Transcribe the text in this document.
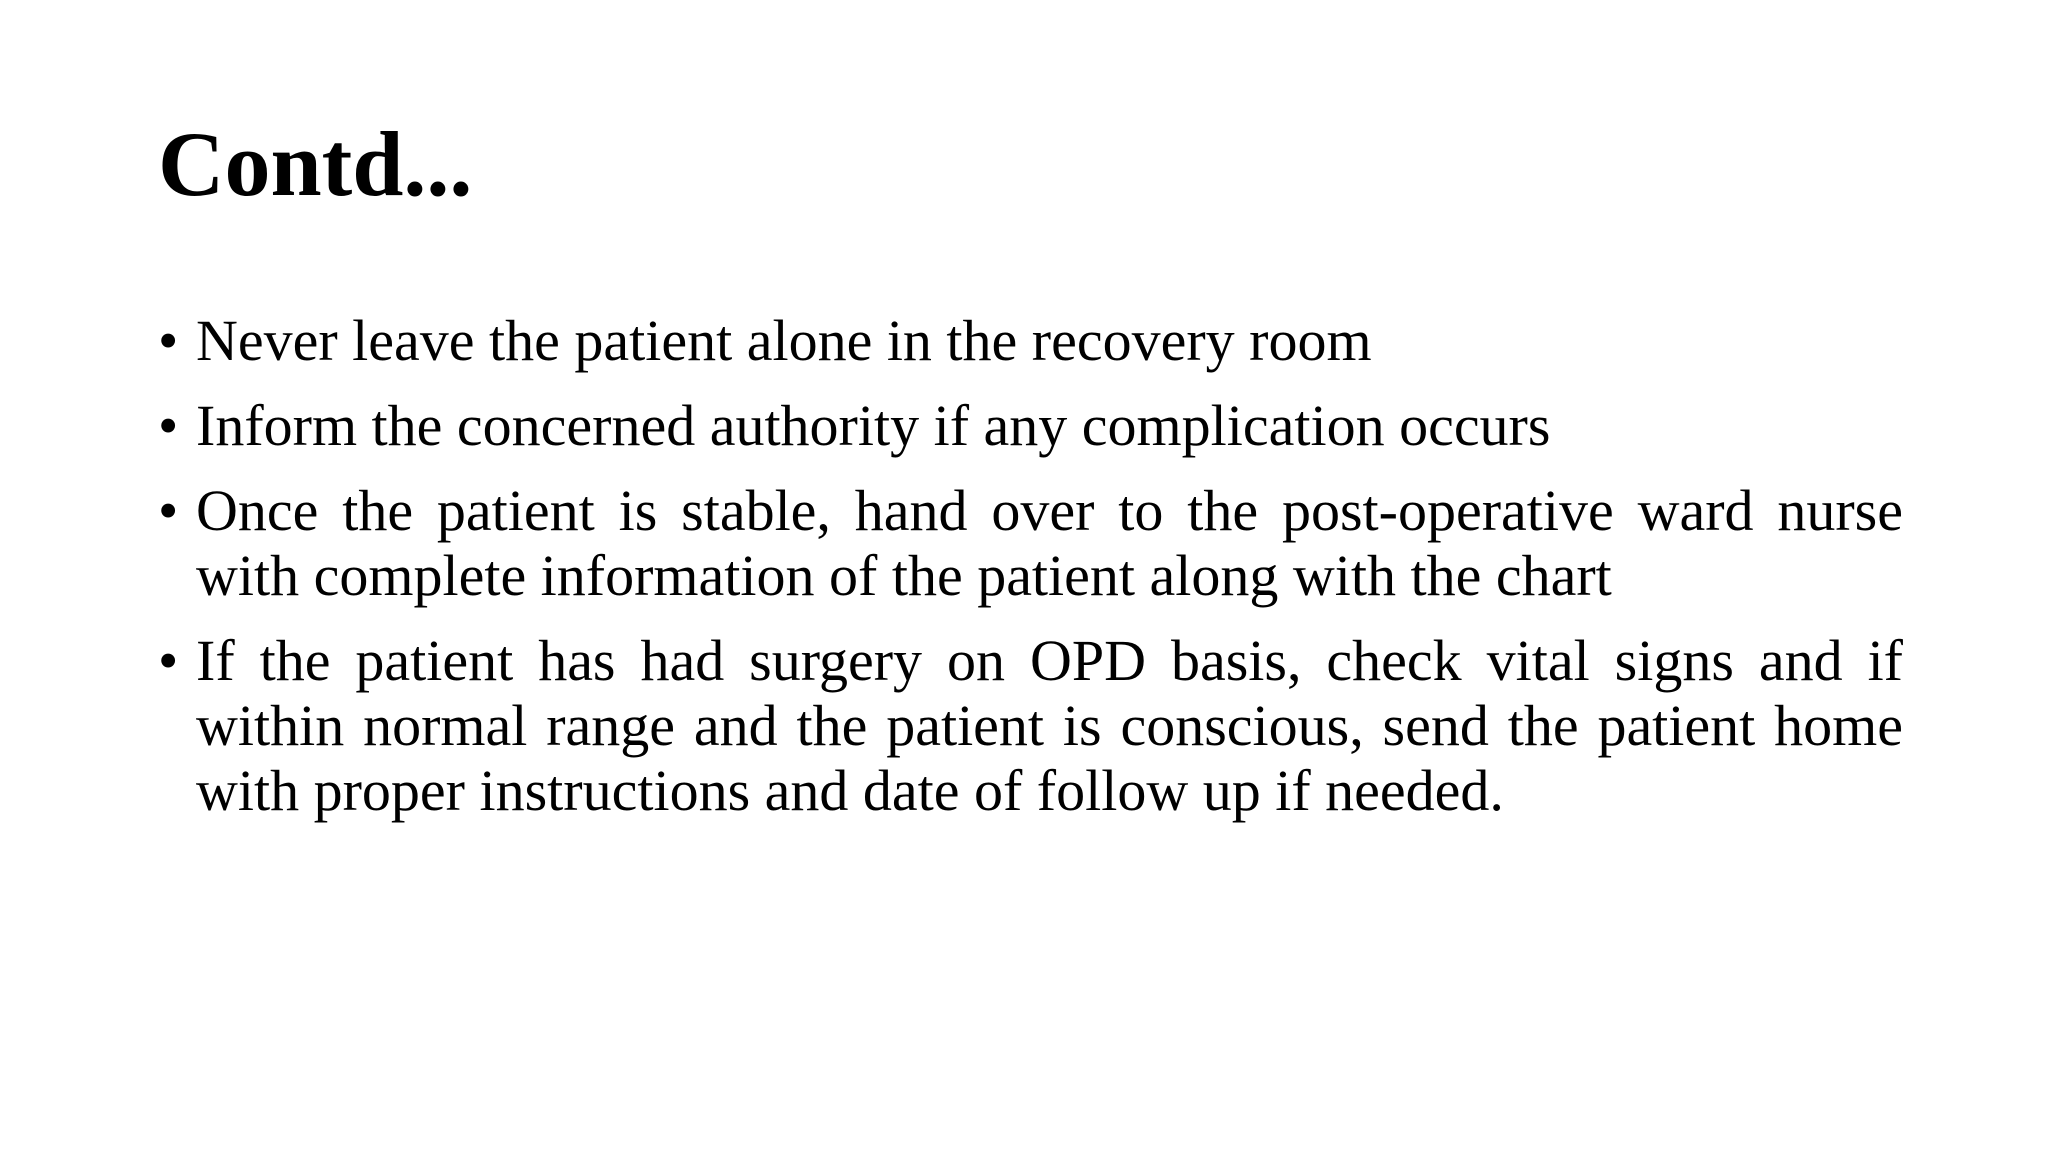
Contd...
• Never leave the patient alone in the recovery room
• Inform the concerned authority if any complication occurs
• Once the patient is stable, hand over to the post-operative ward nurse with complete information of the patient along with the chart
• If the patient has had surgery on OPD basis, check vital signs and if within normal range and the patient is conscious, send the patient home with proper instructions and date of follow up if needed.
